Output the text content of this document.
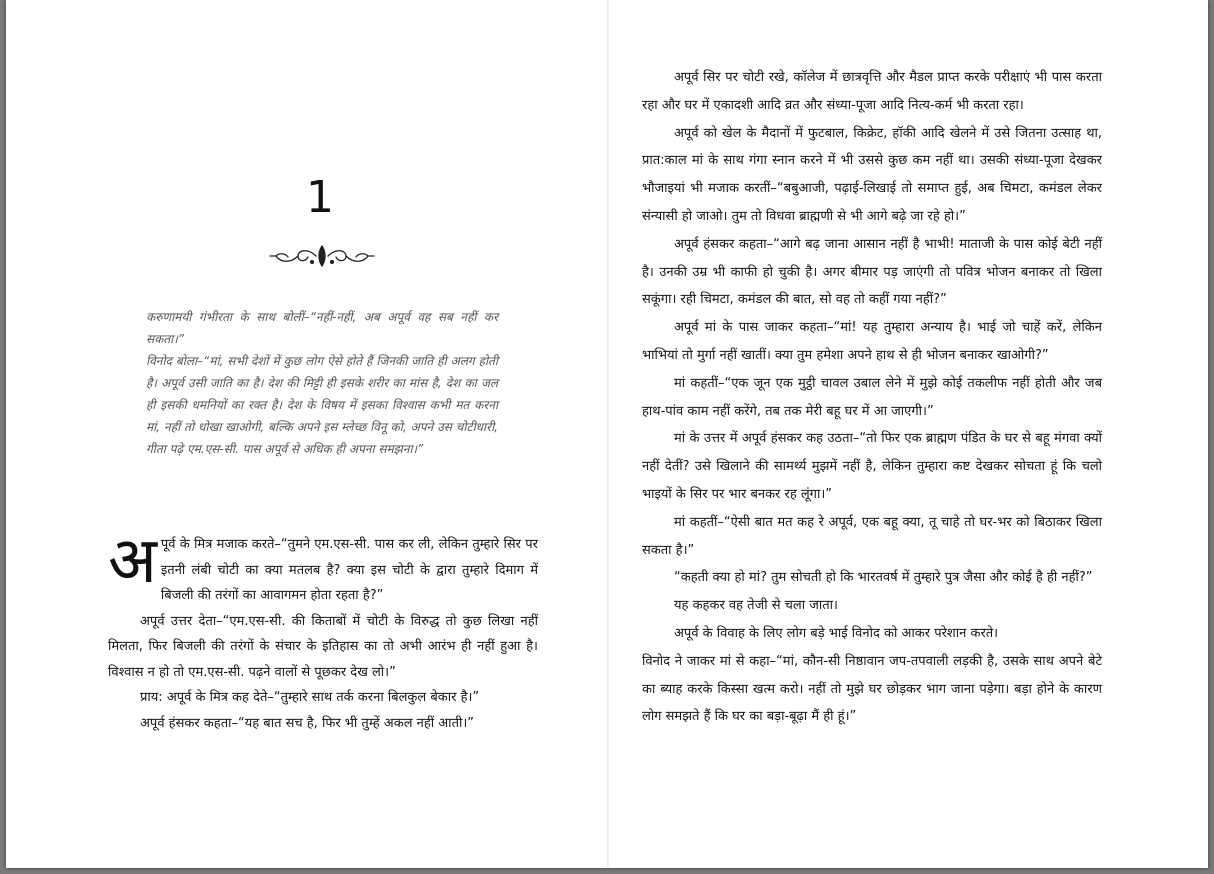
1

करुणामयी गंभीरता के साथ बोलीं–“नहीं-नहीं, अब अपूर्व वह सब नहीं कर सकता।”

विनोद बोला–“मां, सभी देशों में कुछ लोग ऐसे होते हैं जिनकी जाति ही अलग होती है। अपूर्व उसी जाति का है। देश की मिट्टी ही इसके शरीर का मांस है, देश का जल ही इसकी धमनियों का रक्त है। देश के विषय में इसका विश्वास कभी मत करना मां, नहीं तो धोखा खाओगी, बल्कि अपने इस म्लेच्छ विनू को, अपने उस चोटीधारी, गीता पढ़े एम.एस-सी. पास अपूर्व से अधिक ही अपना समझना।”

अपूर्व के मित्र मजाक करते–“तुमने एम.एस-सी. पास कर ली, लेकिन तुम्हारे सिर पर इतनी लंबी चोटी का क्या मतलब है? क्या इस चोटी के द्वारा तुम्हारे दिमाग में बिजली की तरंगों का आवागमन होता रहता है?”

अपूर्व उत्तर देता–“एम.एस-सी. की किताबों में चोटी के विरुद्ध तो कुछ लिखा नहीं मिलता, फिर बिजली की तरंगों के संचार के इतिहास का तो अभी आरंभ ही नहीं हुआ है। विश्वास न हो तो एम.एस-सी. पढ़ने वालों से पूछकर देख लो।”

प्राय: अपूर्व के मित्र कह देते–“तुम्हारे साथ तर्क करना बिलकुल बेकार है।”

अपूर्व हंसकर कहता–“यह बात सच है, फिर भी तुम्हें अकल नहीं आती।”

अपूर्व सिर पर चोटी रखे, कॉलेज में छात्रवृत्ति और मैडल प्राप्त करके परीक्षाएं भी पास करता रहा और घर में एकादशी आदि व्रत और संध्या-पूजा आदि नित्य-कर्म भी करता रहा।

अपूर्व को खेल के मैदानों में फुटबाल, किक्रेट, हॉकी आदि खेलने में उसे जितना उत्साह था, प्रात:काल मां के साथ गंगा स्नान करने में भी उससे कुछ कम नहीं था। उसकी संध्या-पूजा देखकर भौजाइयां भी मजाक करतीं–“बबुआजी, पढ़ाई-लिखाई तो समाप्त हुई, अब चिमटा, कमंडल लेकर संन्यासी हो जाओ। तुम तो विधवा ब्राह्मणी से भी आगे बढ़े जा रहे हो।”

अपूर्व हंसकर कहता–“आगे बढ़ जाना आसान नहीं है भाभी! माताजी के पास कोई बेटी नहीं है। उनकी उम्र भी काफी हो चुकी है। अगर बीमार पड़ जाएंगी तो पवित्र भोजन बनाकर तो खिला सकूंगा। रही चिमटा, कमंडल की बात, सो वह तो कहीं गया नहीं?”

अपूर्व मां के पास जाकर कहता–“मां! यह तुम्हारा अन्याय है। भाई जो चाहें करें, लेकिन भाभियां तो मुर्गा नहीं खातीं। क्या तुम हमेशा अपने हाथ से ही भोजन बनाकर खाओगी?”

मां कहतीं–“एक जून एक मुट्ठी चावल उबाल लेने में मुझे कोई तकलीफ नहीं होती और जब हाथ-पांव काम नहीं करेंगे, तब तक मेरी बहू घर में आ जाएगी।”

मां के उत्तर में अपूर्व हंसकर कह उठता–“तो फिर एक ब्राह्मण पंडित के घर से बहू मंगवा क्यों नहीं देतीं? उसे खिलाने की सामर्थ्य मुझमें नहीं है, लेकिन तुम्हारा कष्ट देखकर सोचता हूं कि चलो भाइयों के सिर पर भार बनकर रह लूंगा।”

मां कहतीं–“ऐसी बात मत कह रे अपूर्व, एक बहू क्या, तू चाहे तो घर-भर को बिठाकर खिला सकता है।”

“कहती क्या हो मां? तुम सोचती हो कि भारतवर्ष में तुम्हारे पुत्र जैसा और कोई है ही नहीं?”

यह कहकर वह तेजी से चला जाता।

अपूर्व के विवाह के लिए लोग बड़े भाई विनोद को आकर परेशान करते।

विनोद ने जाकर मां से कहा–“मां, कौन-सी निष्ठावान जप-तपवाली लड़की है, उसके साथ अपने बेटे का ब्याह करके किस्सा खत्म करो। नहीं तो मुझे घर छोड़कर भाग जाना पड़ेगा। बड़ा होने के कारण लोग समझते हैं कि घर का बड़ा-बूढ़ा मैं ही हूं।”
